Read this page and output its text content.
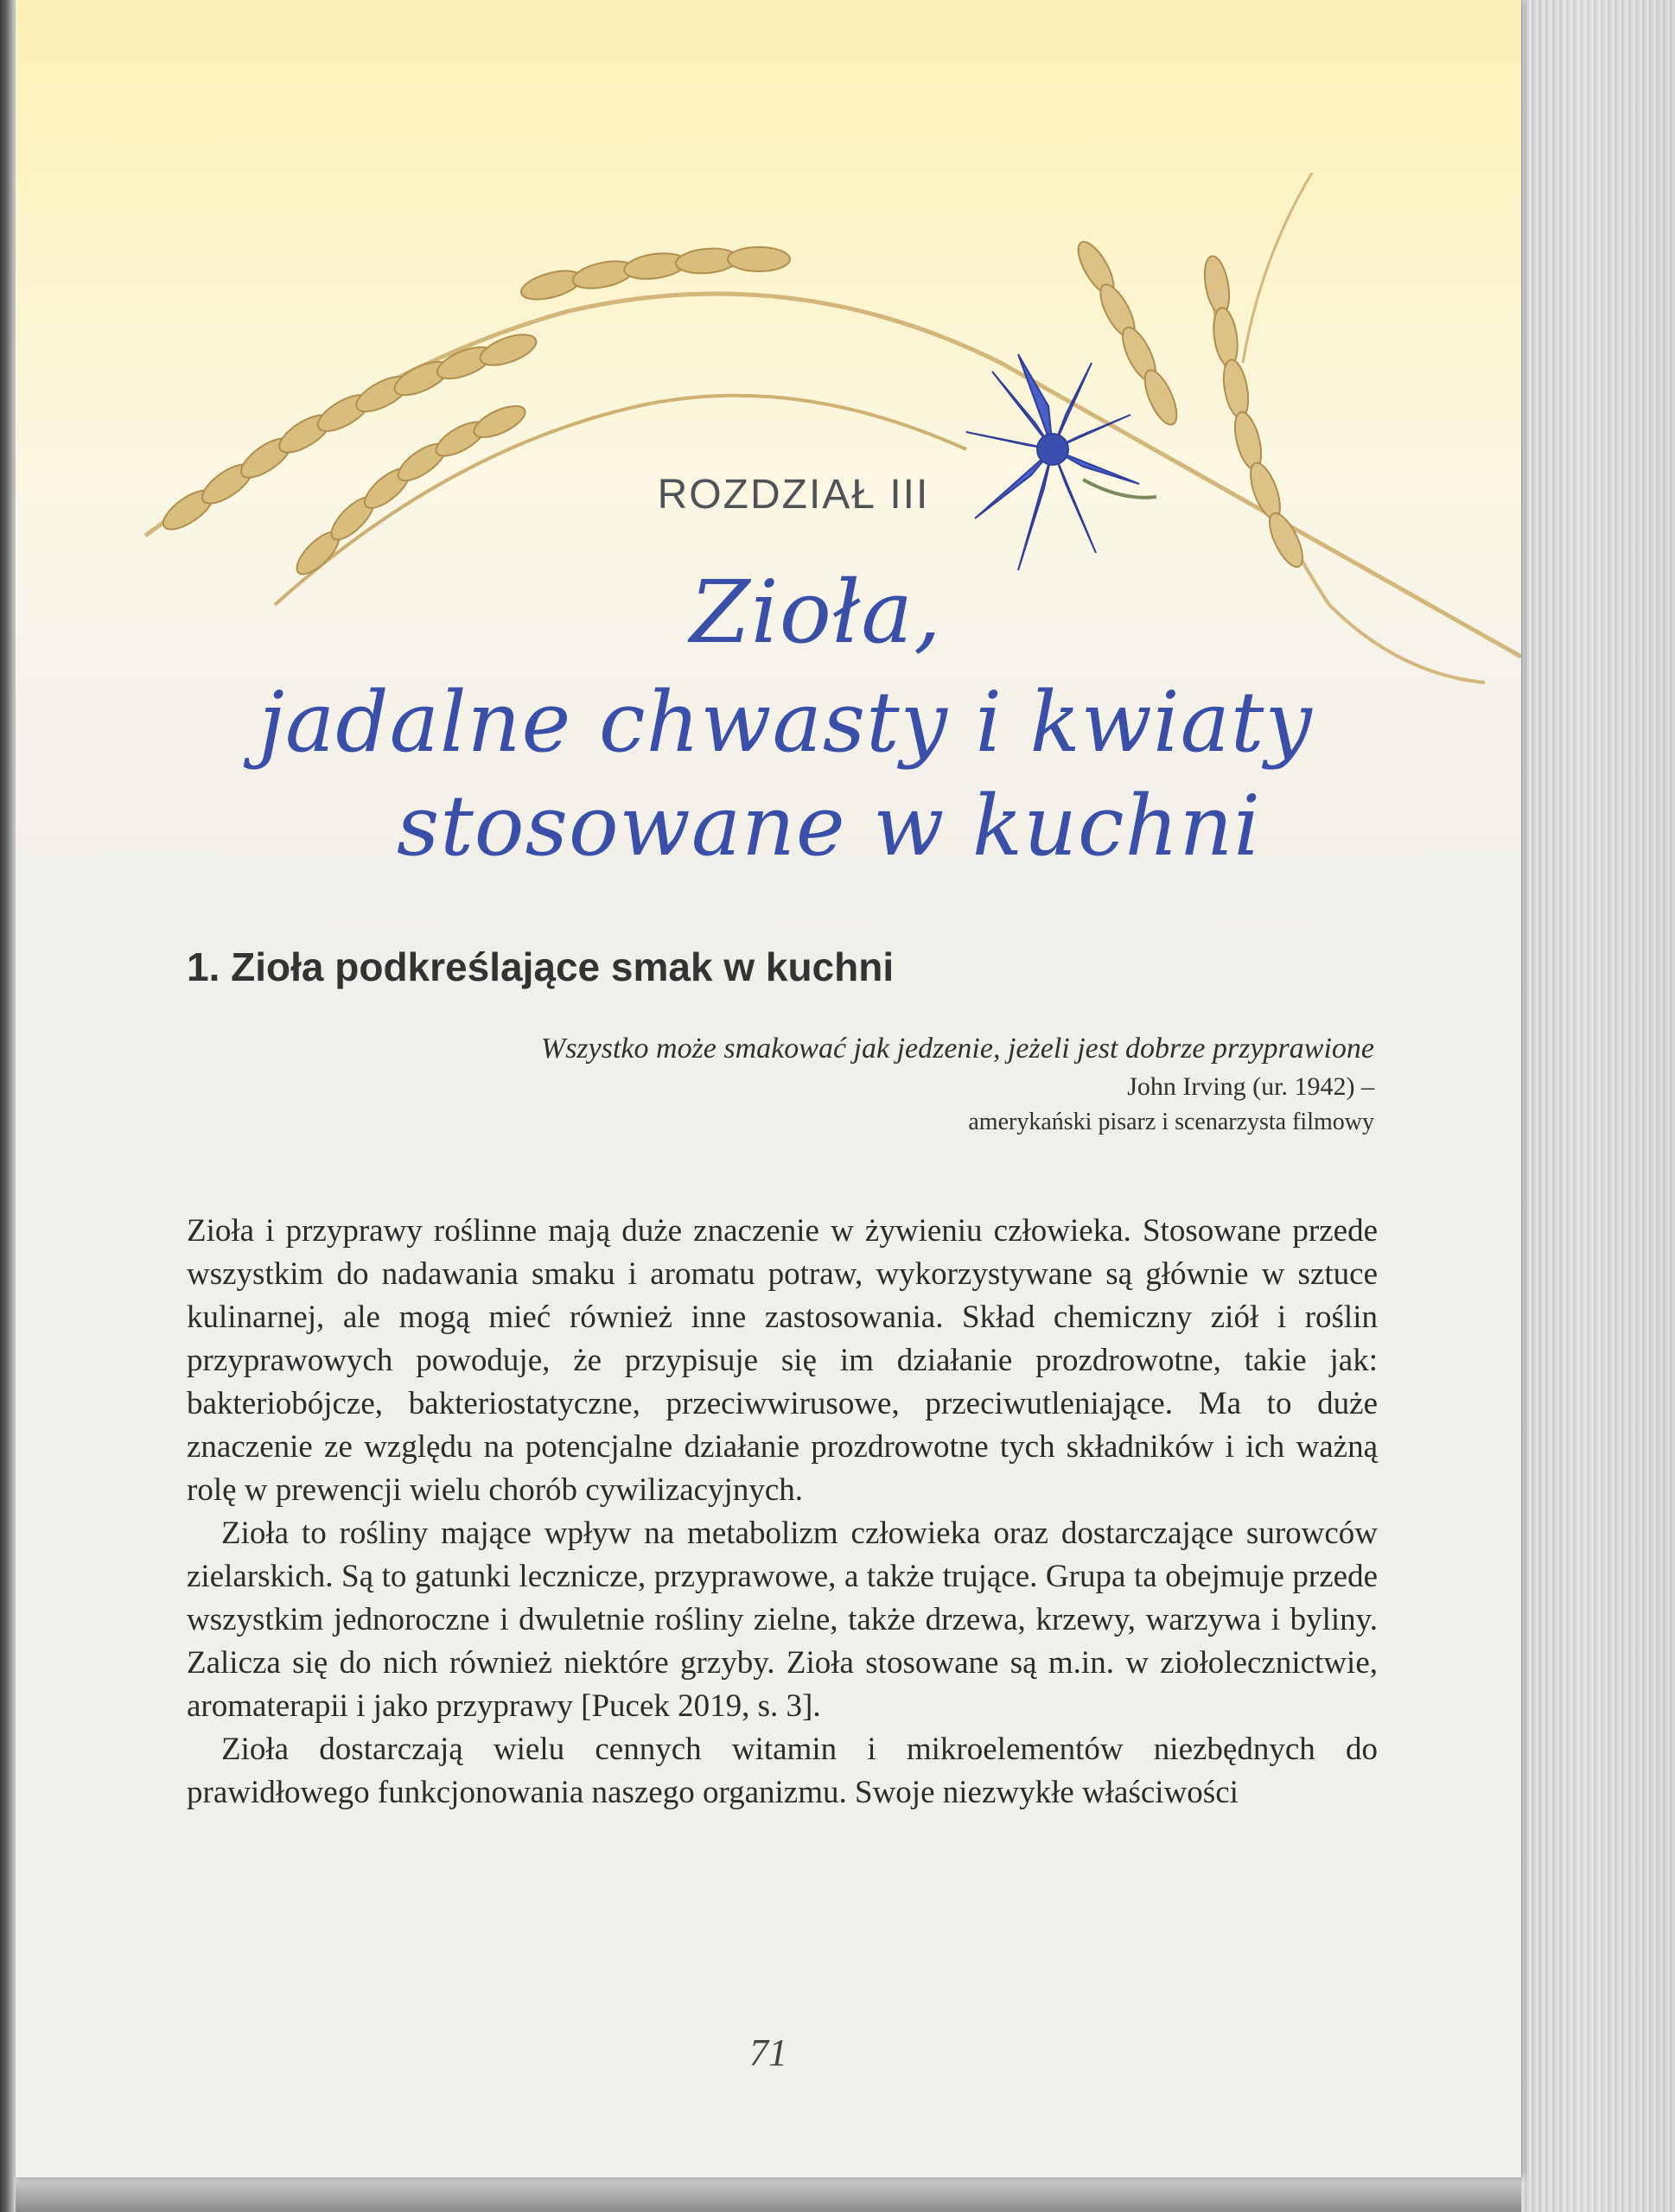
ROZDZIAŁ III
Zioła,
jadalne chwasty i kwiaty
stosowane w kuchni
1. Zioła podkreślające smak w kuchni
Wszystko może smakować jak jedzenie, jeżeli jest dobrze przyprawione
John Irving (ur. 1942) –
amerykański pisarz i scenarzysta filmowy

Zioła i przyprawy roślinne mają duże znaczenie w żywieniu człowieka. Stosowane przede wszystkim do nadawania smaku i aromatu potraw, wykorzystywane są głównie w sztuce kulinarnej, ale mogą mieć również inne zastosowania. Skład chemiczny ziół i roślin przyprawowych powoduje, że przypisuje się im działanie prozdrowotne, takie jak: bakteriobójcze, bakteriostatyczne, przeciwwirusowe, przeciwutleniające. Ma to duże znaczenie ze względu na potencjalne działanie prozdrowotne tych składników i ich ważną rolę w prewencji wielu chorób cywilizacyjnych.

Zioła to rośliny mające wpływ na metabolizm człowieka oraz dostarczające surowców zielarskich. Są to gatunki lecznicze, przyprawowe, a także trujące. Grupa ta obejmuje przede wszystkim jednoroczne i dwuletnie rośliny zielne, także drzewa, krzewy, warzywa i byliny. Zalicza się do nich również niektóre grzyby. Zioła stosowane są m.in. w ziołolecznictwie, aromaterapii i jako przyprawy [Pucek 2019, s. 3].

Zioła dostarczają wielu cennych witamin i mikroelementów niezbędnych do prawidłowego funkcjonowania naszego organizmu. Swoje niezwykłe właściwości

71
